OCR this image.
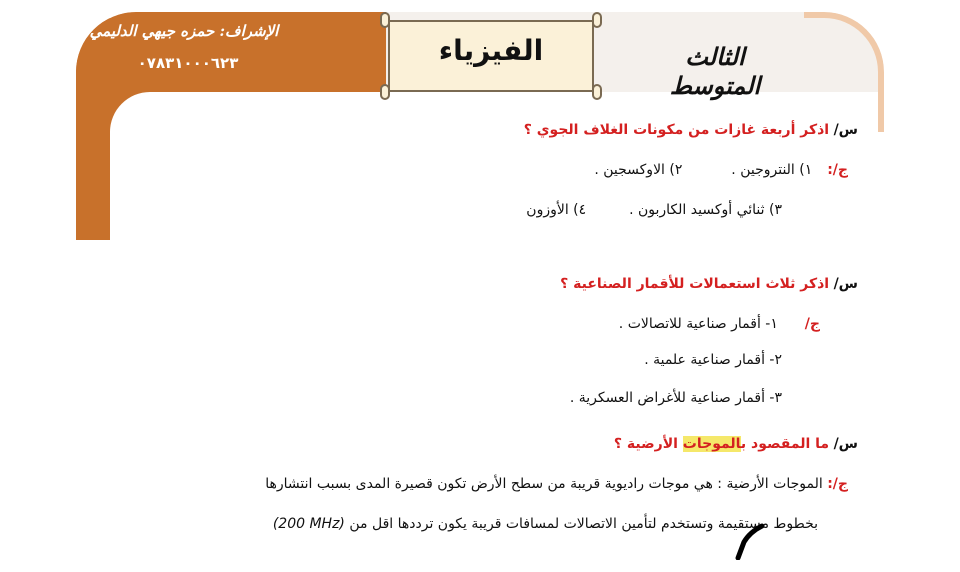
الإشراف: حمزه جيهي الدليمي
٠٧٨٣١٠٠٠٦٢٣	الفيزياء	الثالث المتوسط
س/ اذكر أربعة غازات من مكونات الغلاف الجوي ؟
ج/:  ١) النتروجين .  ٢) الاوكسجين .
٣) ثنائي أوكسيد الكاربون .  ٤) الأوزون
س/ اذكر ثلاث استعمالات للأقمار الصناعية ؟
ج/  ١- أقمار صناعية للاتصالات .
٢- أقمار صناعية علمية .
٣- أقمار صناعية للأغراض العسكرية .
س/ ما المقصود بالموجات الأرضية ؟
ج/: الموجات الأرضية : هي موجات راديوية قريبة من سطح الأرض تكون قصيرة المدى بسبب انتشارها
بخطوط مستقيمة وتستخدم لتأمين الاتصالات لمسافات قريبة يكون ترددها اقل من (200 MHz)
